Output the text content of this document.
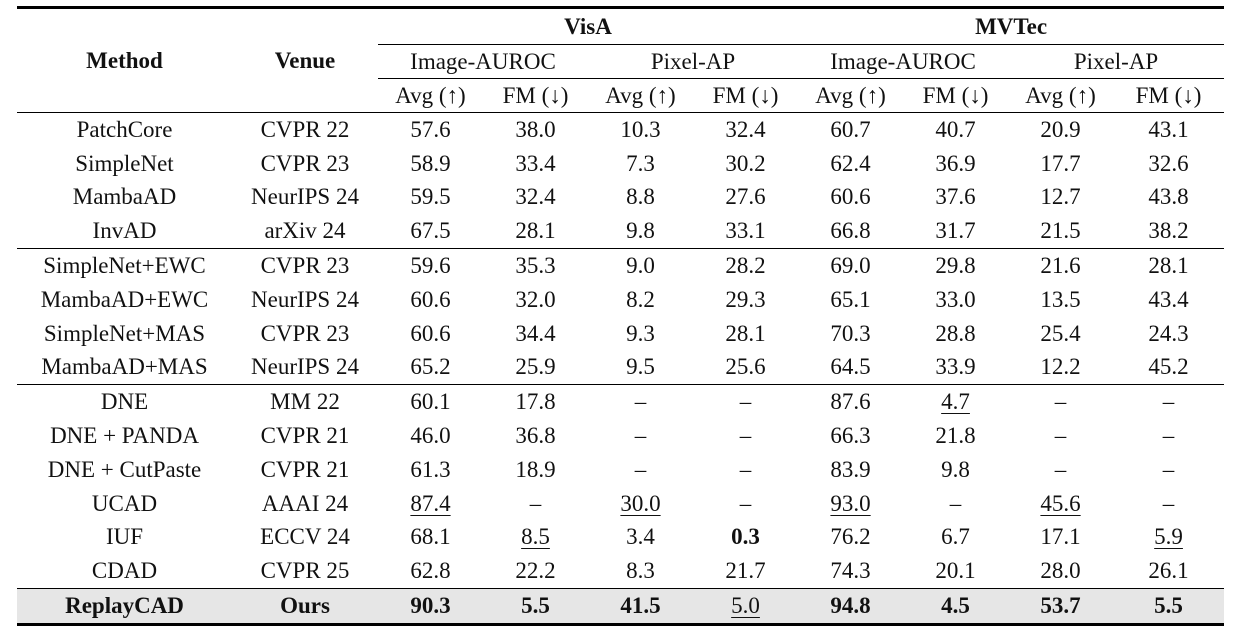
Method	Venue	VisA				MVTec			
		Image-AUROC		Pixel-AP		Image-AUROC		Pixel-AP	
		Avg (↑)	FM (↓)	Avg (↑)	FM (↓)	Avg (↑)	FM (↓)	Avg (↑)	FM (↓)
PatchCore	CVPR 22	57.6	38.0	10.3	32.4	60.7	40.7	20.9	43.1
SimpleNet	CVPR 23	58.9	33.4	7.3	30.2	62.4	36.9	17.7	32.6
MambaAD	NeurIPS 24	59.5	32.4	8.8	27.6	60.6	37.6	12.7	43.8
InvAD	arXiv 24	67.5	28.1	9.8	33.1	66.8	31.7	21.5	38.2
SimpleNet+EWC	CVPR 23	59.6	35.3	9.0	28.2	69.0	29.8	21.6	28.1
MambaAD+EWC	NeurIPS 24	60.6	32.0	8.2	29.3	65.1	33.0	13.5	43.4
SimpleNet+MAS	CVPR 23	60.6	34.4	9.3	28.1	70.3	28.8	25.4	24.3
MambaAD+MAS	NeurIPS 24	65.2	25.9	9.5	25.6	64.5	33.9	12.2	45.2
DNE	MM 22	60.1	17.8	–	–	87.6	4.7	–	–
DNE + PANDA	CVPR 21	46.0	36.8	–	–	66.3	21.8	–	–
DNE + CutPaste	CVPR 21	61.3	18.9	–	–	83.9	9.8	–	–
UCAD	AAAI 24	87.4	–	30.0	–	93.0	–	45.6	–
IUF	ECCV 24	68.1	8.5	3.4	0.3	76.2	6.7	17.1	5.9
CDAD	CVPR 25	62.8	22.2	8.3	21.7	74.3	20.1	28.0	26.1
ReplayCAD	Ours	90.3	5.5	41.5	5.0	94.8	4.5	53.7	5.5
